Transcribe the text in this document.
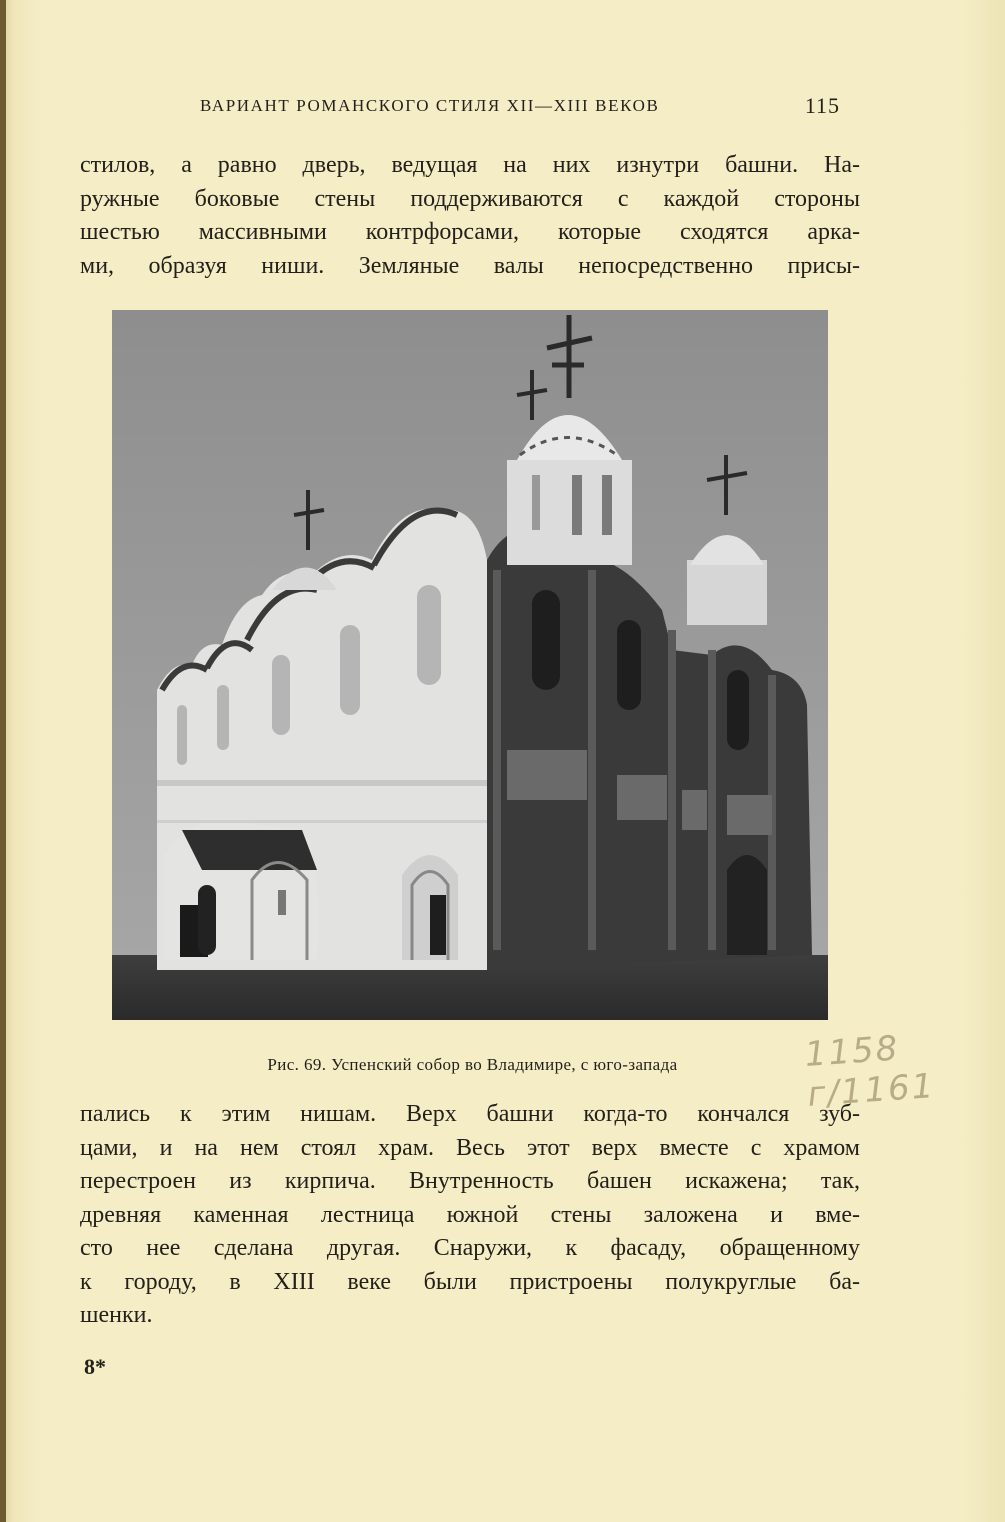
ВАРИАНТ РОМАНСКОГО СТИЛЯ XII—XIII ВЕКОВ	115
стилов, а равно дверь, ведущая на них изнутри башни. На-
ружные боковые стены поддерживаются с каждой стороны
шестью массивными контрфорсами, которые сходятся арка-
ми, образуя ниши. Земляные валы непосредственно присы-
Рис. 69. Успенский собор во Владимире, с юго-запада	1158 г/1161
пались к этим нишам. Верх башни когда-то кончался зуб-
цами, и на нем стоял храм. Весь этот верх вместе с храмом
перестроен из кирпича. Внутренность башен искажена; так,
древняя каменная лестница южной стены заложена и вме-
сто нее сделана другая. Снаружи, к фасаду, обращенному
к городу, в XIII веке были пристроены полукруглые ба-
шенки.
8*
